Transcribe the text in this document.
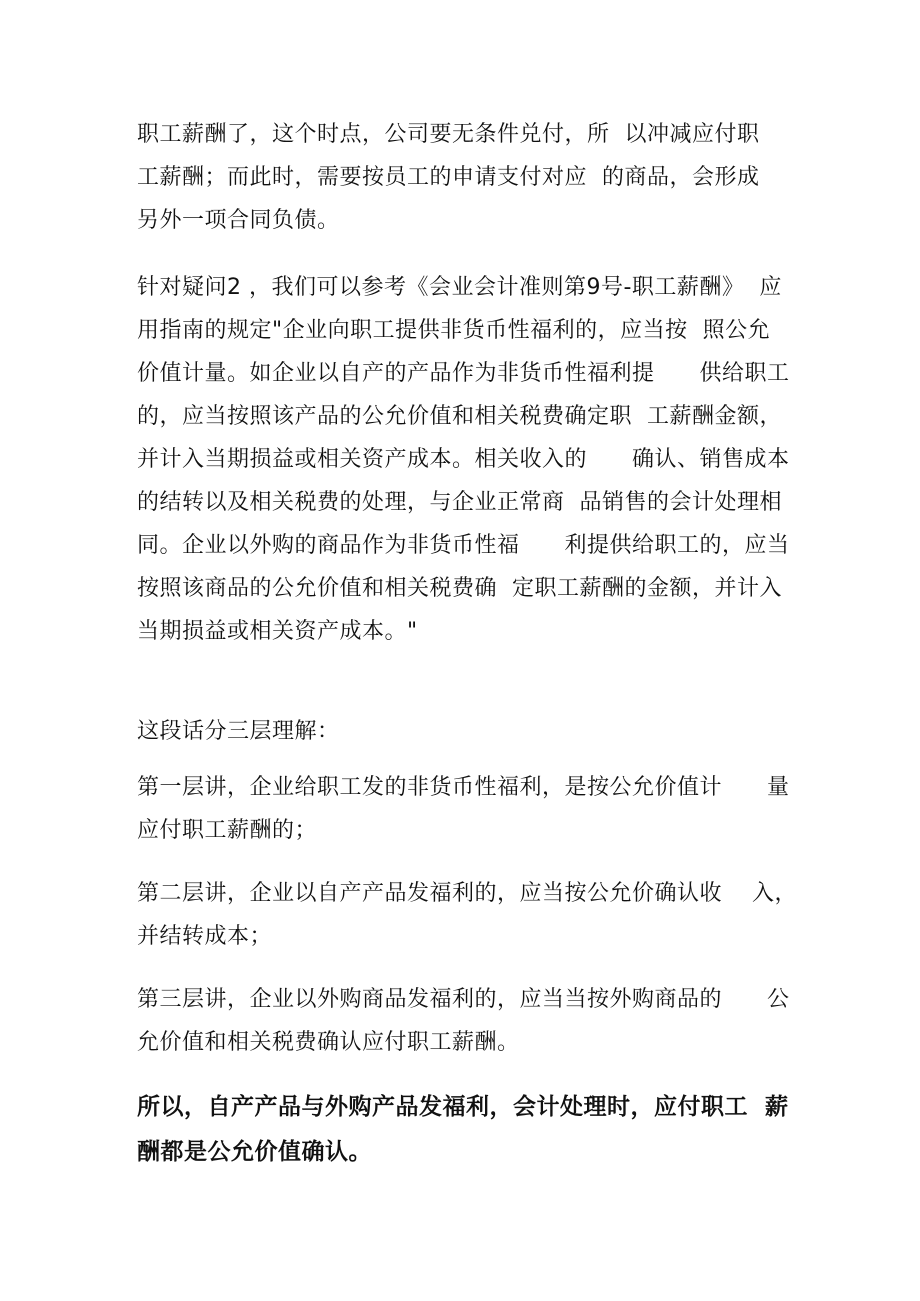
职工薪酬了，这个时点，公司要无条件兑付，所  以冲减应付职
工薪酬；而此时，需要按员工的申请支付对应  的商品，会形成
另外一项合同负债。
针对疑问2 ，我们可以参考《会业会计准则第9号-职工薪酬》  应
用指南的规定"企业向职工提供非货币性福利的，应当按  照公允
价值计量。如企业以自产的产品作为非货币性福利提      供给职工
的，应当按照该产品的公允价值和相关税费确定职  工薪酬金额，
并计入当期损益或相关资产成本。相关收入的      确认、销售成本
的结转以及相关税费的处理，与企业正常商  品销售的会计处理相
同。企业以外购的商品作为非货币性福      利提供给职工的，应当
按照该商品的公允价值和相关税费确  定职工薪酬的金额，并计入
当期损益或相关资产成本。"
这段话分三层理解：
第一层讲，企业给职工发的非货币性福利，是按公允价值计      量
应付职工薪酬的；
第二层讲，企业以自产产品发福利的，应当按公允价确认收    入，
并结转成本；
第三层讲，企业以外购商品发福利的，应当当按外购商品的      公
允价值和相关税费确认应付职工薪酬。
所以，自产产品与外购产品发福利，会计处理时，应付职工  薪
酬都是公允价值确认。
